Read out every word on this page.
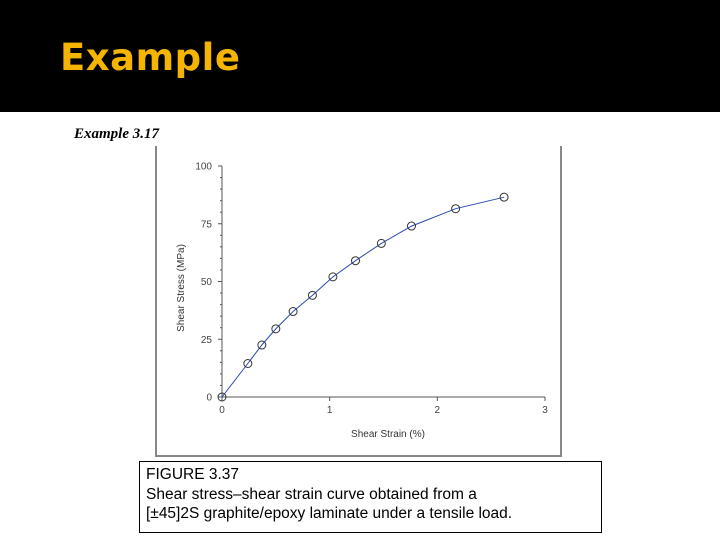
Example
Example 3.17
0
25
50
75
100
0	1	2	3
Shear Strain (%)
Shear Stress (MPa)
FIGURE 3.37
Shear stress–shear strain curve obtained from a
[±45]2S graphite/epoxy laminate under a tensile load.
